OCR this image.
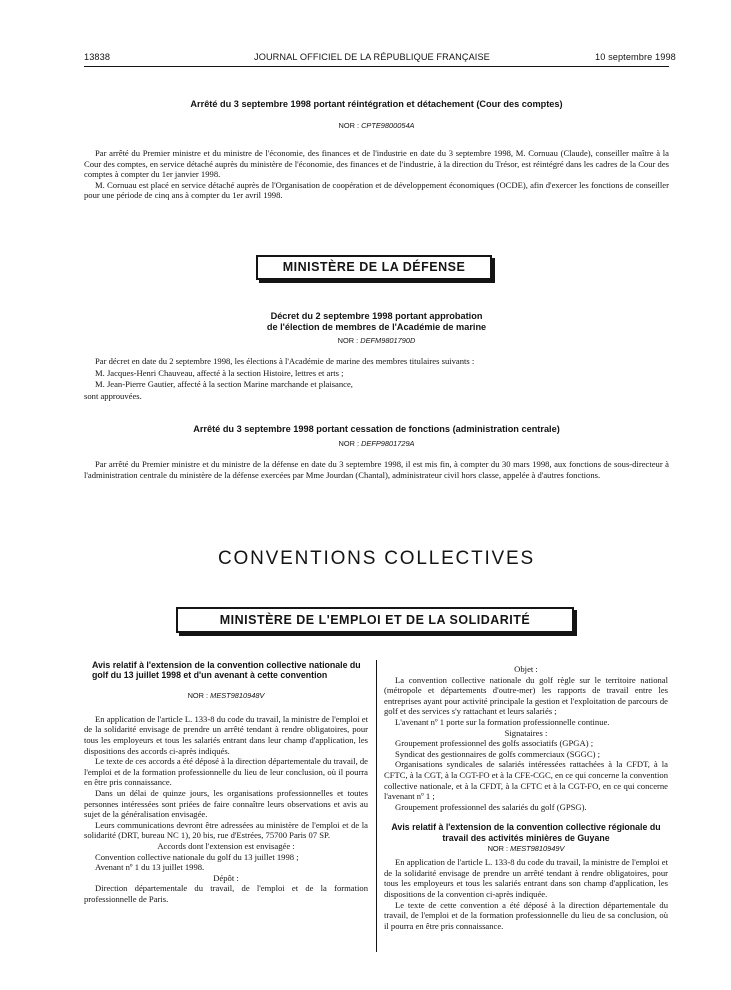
13838	JOURNAL OFFICIEL DE LA RÉPUBLIQUE FRANÇAISE	10 septembre 1998
Arrêté du 3 septembre 1998 portant réintégration et détachement (Cour des comptes)
NOR : CPTE9800054A

Par arrêté du Premier ministre et du ministre de l'économie, des finances et de l'industrie en date du 3 septembre 1998, M. Cornuau (Claude), conseiller maître à la Cour des comptes, en service détaché auprès du ministère de l'économie, des finances et de l'industrie, à la direction du Trésor, est réintégré dans les cadres de la Cour des comptes à compter du 1er janvier 1998.

M. Cornuau est placé en service détaché auprès de l'Organisation de coopération et de développement économiques (OCDE), afin d'exercer les fonctions de conseiller pour une période de cinq ans à compter du 1er avril 1998.

MINISTÈRE DE LA DÉFENSE
Décret du 2 septembre 1998 portant approbation
de l'élection de membres de l'Académie de marine
NOR : DEFM9801790D

Par décret en date du 2 septembre 1998, les élections à l'Académie de marine des membres titulaires suivants :

M. Jacques-Henri Chauveau, affecté à la section Histoire, lettres et arts ;

M. Jean-Pierre Gautier, affecté à la section Marine marchande et plaisance,

sont approuvées.

Arrêté du 3 septembre 1998 portant cessation de fonctions (administration centrale)
NOR : DEFP9801729A

Par arrêté du Premier ministre et du ministre de la défense en date du 3 septembre 1998, il est mis fin, à compter du 30 mars 1998, aux fonctions de sous-directeur à l'administration centrale du ministère de la défense exercées par Mme Jourdan (Chantal), administrateur civil hors classe, appelée à d'autres fonctions.

CONVENTIONS COLLECTIVES
MINISTÈRE DE L'EMPLOI ET DE LA SOLIDARITÉ
Avis relatif à l'extension de la convention collective nationale du golf du 13 juillet 1998 et d'un avenant à cette convention
NOR : MEST9810948V

En application de l'article L. 133-8 du code du travail, la ministre de l'emploi et de la solidarité envisage de prendre un arrêté tendant à rendre obligatoires, pour tous les employeurs et tous les salariés entrant dans leur champ d'application, les dispositions des accords ci-après indiqués.

Le texte de ces accords a été déposé à la direction départementale du travail, de l'emploi et de la formation professionnelle du lieu de leur conclusion, où il pourra en être pris connaissance.

Dans un délai de quinze jours, les organisations professionnelles et toutes personnes intéressées sont priées de faire connaître leurs observations et avis au sujet de la généralisation envisagée.

Leurs communications devront être adressées au ministère de l'emploi et de la solidarité (DRT, bureau NC 1), 20 bis, rue d'Estrées, 75700 Paris 07 SP.

Accords dont l'extension est envisagée :

Convention collective nationale du golf du 13 juillet 1998 ;

Avenant nº 1 du 13 juillet 1998.

Dépôt :

Direction départementale du travail, de l'emploi et de la formation professionnelle de Paris.

Objet :

La convention collective nationale du golf règle sur le territoire national (métropole et départements d'outre-mer) les rapports de travail entre les entreprises ayant pour activité principale la gestion et l'exploitation de parcours de golf et des services s'y rattachant et leurs salariés ;

L'avenant nº 1 porte sur la formation professionnelle continue.

Signataires :

Groupement professionnel des golfs associatifs (GPGA) ;

Syndicat des gestionnaires de golfs commerciaux (SGGC) ;

Organisations syndicales de salariés intéressées rattachées à la CFDT, à la CFTC, à la CGT, à la CGT-FO et à la CFE-CGC, en ce qui concerne la convention collective nationale, et à la CFDT, à la CFTC et à la CGT-FO, en ce qui concerne l'avenant nº 1 ;

Groupement professionnel des salariés du golf (GPSG).

Avis relatif à l'extension de la convention collective régionale du travail des activités minières de Guyane
NOR : MEST9810949V

En application de l'article L. 133-8 du code du travail, la ministre de l'emploi et de la solidarité envisage de prendre un arrêté tendant à rendre obligatoires, pour tous les employeurs et tous les salariés entrant dans son champ d'application, les dispositions de la convention ci-après indiquée.

Le texte de cette convention a été déposé à la direction départementale du travail, de l'emploi et de la formation professionnelle du lieu de sa conclusion, où il pourra en être pris connaissance.
